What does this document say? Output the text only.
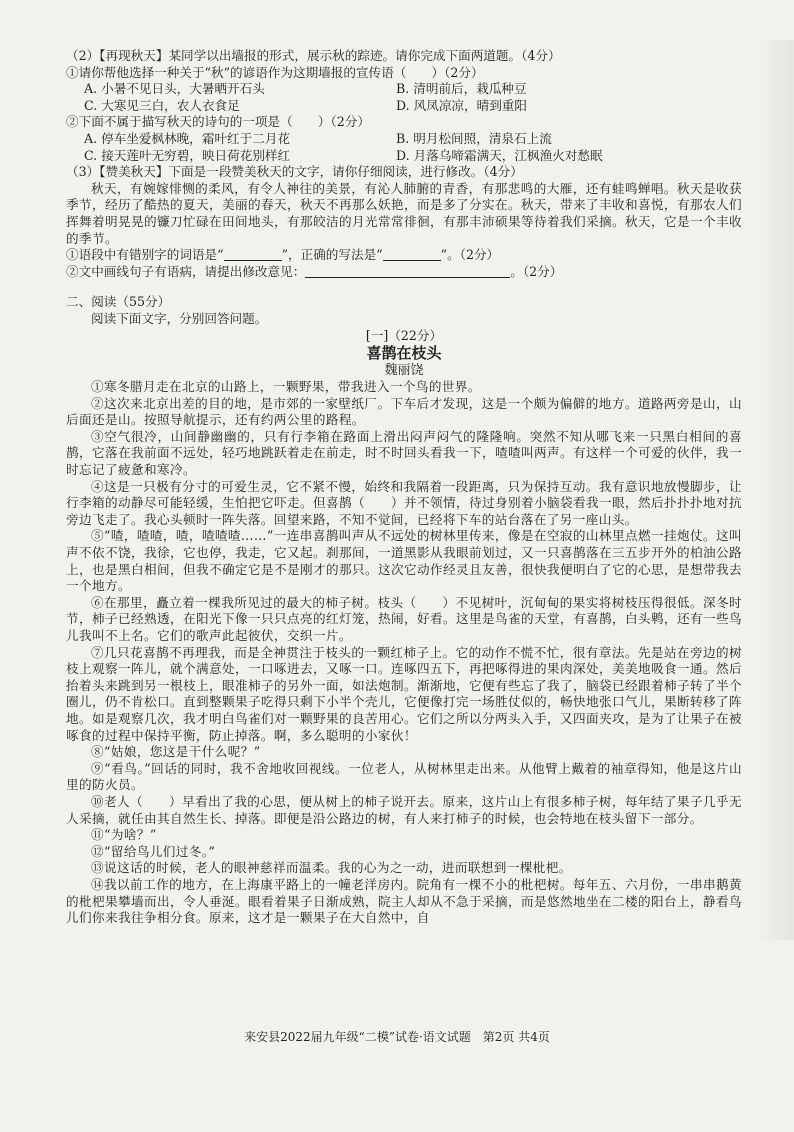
（2）【再现秋天】某同学以出墙报的形式，展示秋的踪迹。请你完成下面两道题。（4分）
①请你帮他选择一种关于“秋”的谚语作为这期墙报的宣传语（　　）（2分）
A. 小暑不见日头，大暑晒开石头	B. 清明前后，栽瓜种豆
C. 大寒见三白，农人衣食足	D. 风凤凉凉，晴到重阳
②下面不属于描写秋天的诗句的一项是（　　）（2分）
A. 停车坐爱枫林晚，霜叶红于二月花	B. 明月松间照，清泉石上流
C. 接天莲叶无穷碧，映日荷花别样红	D. 月落乌啼霜满天，江枫渔火对愁眠
（3）【赞美秋天】下面是一段赞美秋天的文字，请你仔细阅读，进行修改。（4分）
秋天，有婉嫁悱恻的柔风，有令人神往的美景，有沁人肺腑的青香，有那悲鸣的大雁，还有蛙鸣蝉唱。秋天是收获季节，经历了酷热的夏天，美丽的春天，秋天不再那么妖艳，而是多了分实在。秋天，带来了丰收和喜悦，有那农人们挥舞着明晃晃的镰刀忙碌在田间地头，有那皎洁的月光常常徘徊，有那丰沛硕果等待着我们采摘。秋天，它是一个丰收的季节。
①语段中有错别字的词语是“	”，正确的写法是“	”。（2分）
②文中画线句子有语病，请提出修改意见：	。（2分）
二、阅读（55分）
阅读下面文字，分别回答问题。
[一]（22分）
喜鹊在枝头
魏丽饶
①寒冬腊月走在北京的山路上，一颗野果，带我进入一个鸟的世界。
②这次来北京出差的目的地，是市郊的一家壁纸厂。下车后才发现，这是一个颇为偏僻的地方。道路两旁是山，山后面还是山。按照导航提示，还有约两公里的路程。
③空气很冷，山间静幽幽的，只有行李箱在路面上滑出闷声闷气的隆隆响。突然不知从哪飞来一只黑白相间的喜鹊，它落在我前面不远处，轻巧地跳跃着走在前走，时不时回头看我一下，喳喳叫两声。有这样一个可爱的伙伴，我一时忘记了疲惫和寒冷。
④这是一只极有分寸的可爱生灵，它不紧不慢，始终和我隔着一段距离，只为保持互动。我有意识地放慢脚步，让行李箱的动静尽可能轻缓，生怕把它吓走。但喜鹊（　　）并不领情，待过身别着小脑袋看我一眼，然后扑扑扑地对抗旁边飞走了。我心头顿时一阵失落。回望来路，不知不觉间，已经将下车的站台落在了另一座山头。
⑤“喳，喳喳，喳，喳喳喳……”一连串喜鹊叫声从不远处的树林里传来，像是在空寂的山林里点燃一挂炮仗。这叫声不依不饶，我徐，它也停，我走，它又起。刹那间，一道黑影从我眼前划过，又一只喜鹊落在三五步开外的柏油公路上，也是黑白相间，但我不确定它是不是刚才的那只。这次它动作经灵且友善，很快我便明白了它的心思，是想带我去一个地方。
⑥在那里，矗立着一棵我所见过的最大的柿子树。枝头（　　）不见树叶，沉甸甸的果实将树枝压得很低。深冬时节，柿子已经熟透，在阳光下像一只只点亮的红灯笼，热闹，好看。这里是鸟雀的天堂，有喜鹊，白头鹎，还有一些鸟儿我叫不上名。它们的歌声此起彼伏，交织一片。
⑦几只花喜鹊不再理我，而是全神贯注于枝头的一颗红柿子上。它的动作不慌不忙，很有章法。先是站在旁边的树枝上观察一阵儿，就个满意处，一口啄进去，又啄一口。连啄四五下，再把啄得进的果肉深处，美美地吸食一通。然后抬着头来跳到另一根枝上，眼准柿子的另外一面，如法炮制。渐渐地，它便有些忘了我了，脑袋已经跟着柿子转了半个圈儿，仍不肯松口。直到整颗果子吃得只剩下小半个壳儿，它便像打完一场胜仗似的，畅快地张口气儿，果断转移了阵地。如是观察几次，我才明白鸟雀们对一颗野果的良苦用心。它们之所以分两头入手，又四面夹攻，是为了让果子在被啄食的过程中保持平衡，防止掉落。啊，多么聪明的小家伙！
⑧“姑娘，您这是干什么呢？”
⑨“看鸟。”回话的同时，我不舍地收回视线。一位老人，从树林里走出来。从他臂上戴着的袖章得知，他是这片山里的防火员。
⑩老人（　　）早看出了我的心思，便从树上的柿子说开去。原来，这片山上有很多柿子树，每年结了果子几乎无人采摘，就任由其自然生长、掉落。即便是沿公路边的树，有人来打柿子的时候，也会特地在枝头留下一部分。
⑪“为啥？”
⑫“留给鸟儿们过冬。”
⑬说这话的时候，老人的眼神慈祥而温柔。我的心为之一动，进而联想到一棵枇杷。
⑭我以前工作的地方，在上海康平路上的一幢老洋房内。院角有一棵不小的枇杷树。每年五、六月份，一串串鹅黄的枇杷果攀墙而出，令人垂涎。眼看着果子日渐成熟，院主人却从不急于采摘，而是悠然地坐在二楼的阳台上，静看鸟儿们你来我往争相分食。原来，这才是一颗果子在大自然中，自
来安县2022届九年级“二模”试卷·语文试题　第2页 共4页
